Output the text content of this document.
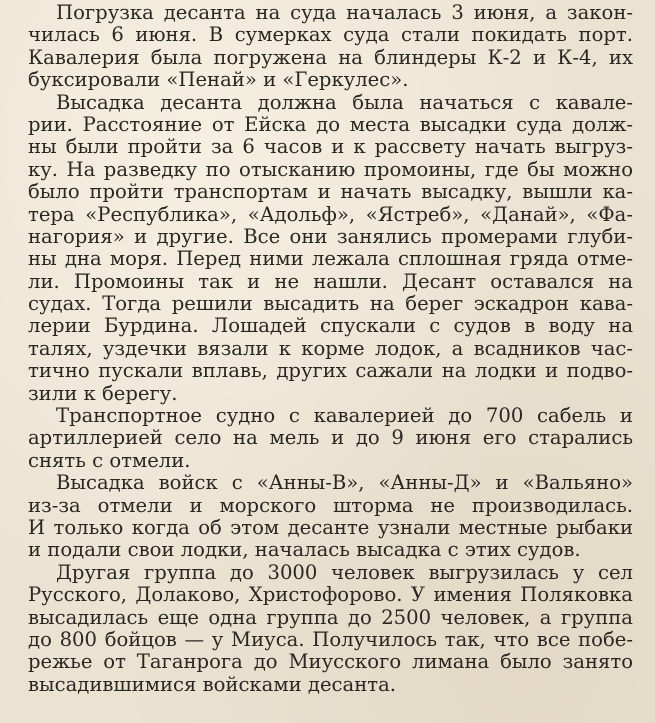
Погрузка десанта на суда началась 3 июня, а закон-
чилась 6 июня. В сумерках суда стали покидать порт.
Кавалерия была погружена на блиндеры К-2 и К-4, их
буксировали «Пенай» и «Геркулес».
Высадка десанта должна была начаться с кавале-
рии. Расстояние от Ейска до места высадки суда долж-
ны были пройти за 6 часов и к рассвету начать выгруз-
ку. На разведку по отысканию промоины, где бы можно
было пройти транспортам и начать высадку, вышли ка-
тера «Республика», «Адольф», «Ястреб», «Данай», «Фа-
нагория» и другие. Все они занялись промерами глуби-
ны дна моря. Перед ними лежала сплошная гряда отме-
ли. Промоины так и не нашли. Десант оставался на
судах. Тогда решили высадить на берег эскадрон кава-
лерии Бурдина. Лошадей спускали с судов в воду на
талях, уздечки вязали к корме лодок, а всадников час-
тично пускали вплавь, других сажали на лодки и подво-
зили к берегу.
Транспортное судно с кавалерией до 700 сабель и
артиллерией село на мель и до 9 июня его старались
снять с отмели.
Высадка войск с «Анны-В», «Анны-Д» и «Вальяно»
из-за отмели и морского шторма не производилась.
И только когда об этом десанте узнали местные рыбаки
и подали свои лодки, началась высадка с этих судов.
Другая группа до 3000 человек выгрузилась у сел
Русского, Долаково, Христофорово. У имения Поляковка
высадилась еще одна группа до 2500 человек, а группа
до 800 бойцов — у Миуса. Получилось так, что все побе-
режье от Таганрога до Миусского лимана было занято
высадившимися войсками десанта.
